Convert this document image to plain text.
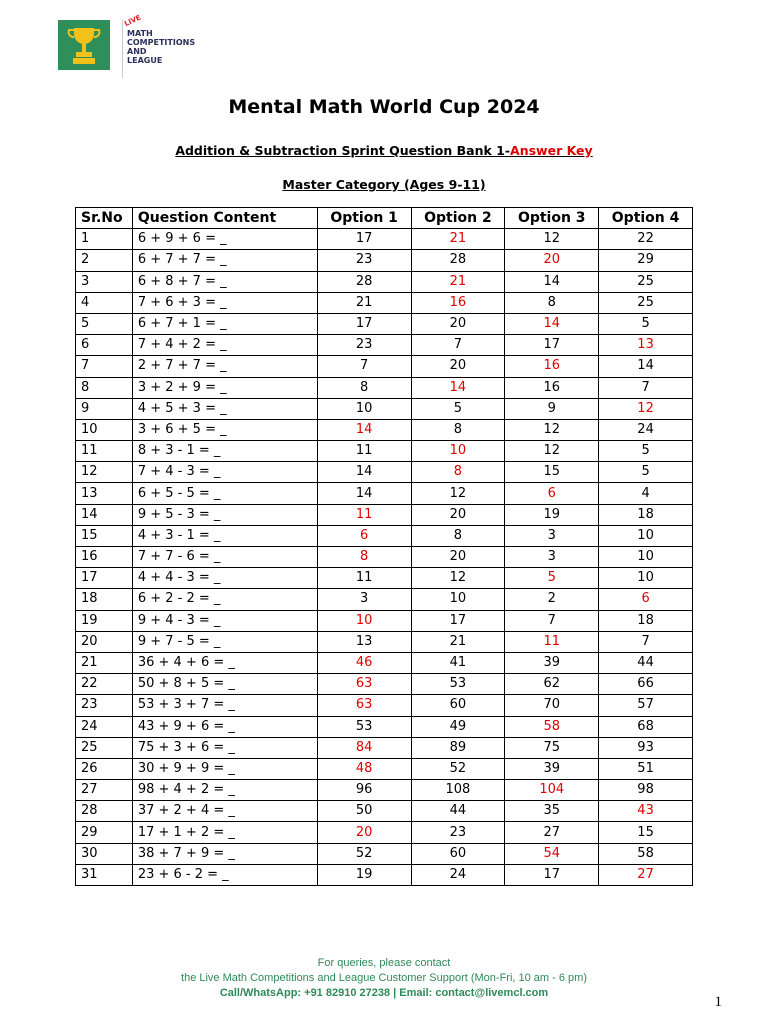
LIVE
MATH
COMPETITIONS
AND
LEAGUE
Mental Math World Cup 2024
Addition & Subtraction Sprint Question Bank 1-Answer Key
Master Category (Ages 9-11)
Sr.No	Question Content	Option 1	Option 2	Option 3	Option 4
1	6 + 9 + 6 = _	17	21	12	22
2	6 + 7 + 7 = _	23	28	20	29
3	6 + 8 + 7 = _	28	21	14	25
4	7 + 6 + 3 = _	21	16	8	25
5	6 + 7 + 1 = _	17	20	14	5
6	7 + 4 + 2 = _	23	7	17	13
7	2 + 7 + 7 = _	7	20	16	14
8	3 + 2 + 9 = _	8	14	16	7
9	4 + 5 + 3 = _	10	5	9	12
10	3 + 6 + 5 = _	14	8	12	24
11	8 + 3 - 1 = _	11	10	12	5
12	7 + 4 - 3 = _	14	8	15	5
13	6 + 5 - 5 = _	14	12	6	4
14	9 + 5 - 3 = _	11	20	19	18
15	4 + 3 - 1 = _	6	8	3	10
16	7 + 7 - 6 = _	8	20	3	10
17	4 + 4 - 3 = _	11	12	5	10
18	6 + 2 - 2 = _	3	10	2	6
19	9 + 4 - 3 = _	10	17	7	18
20	9 + 7 - 5 = _	13	21	11	7
21	36 + 4 + 6 = _	46	41	39	44
22	50 + 8 + 5 = _	63	53	62	66
23	53 + 3 + 7 = _	63	60	70	57
24	43 + 9 + 6 = _	53	49	58	68
25	75 + 3 + 6 = _	84	89	75	93
26	30 + 9 + 9 = _	48	52	39	51
27	98 + 4 + 2 = _	96	108	104	98
28	37 + 2 + 4 = _	50	44	35	43
29	17 + 1 + 2 = _	20	23	27	15
30	38 + 7 + 9 = _	52	60	54	58
31	23 + 6 - 2 = _	19	24	17	27
For queries, please contact
the Live Math Competitions and League Customer Support (Mon-Fri, 10 am - 6 pm)
Call/WhatsApp: +91 82910 27238 | Email: contact@livemcl.com
1
